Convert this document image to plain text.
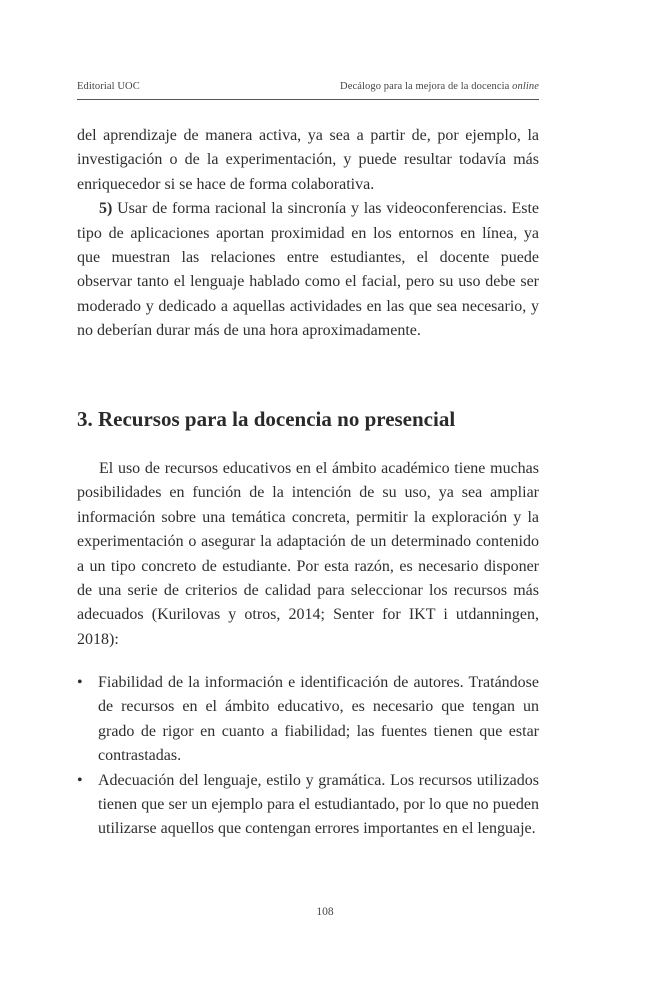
Editorial UOC	Decálogo para la mejora de la docencia online

del aprendizaje de manera activa, ya sea a partir de, por ejemplo, la investigación o de la experimentación, y puede resultar todavía más enriquecedor si se hace de forma colaborativa.

5) Usar de forma racional la sincronía y las videoconferencias. Este tipo de aplicaciones aportan proximidad en los entornos en línea, ya que muestran las relaciones entre estudiantes, el docente puede observar tanto el lenguaje hablado como el facial, pero su uso debe ser moderado y dedicado a aquellas actividades en las que sea necesario, y no deberían durar más de una hora aproximadamente.

3. Recursos para la docencia no presencial

El uso de recursos educativos en el ámbito académico tiene muchas posibilidades en función de la intención de su uso, ya sea ampliar información sobre una temática concreta, permitir la exploración y la experimentación o asegurar la adaptación de un determinado contenido a un tipo concreto de estudiante. Por esta razón, es necesario disponer de una serie de criterios de calidad para seleccionar los recursos más adecuados (Kurilovas y otros, 2014; Senter for IKT i utdanningen, 2018):

• Fiabilidad de la información e identificación de autores. Tratándose de recursos en el ámbito educativo, es necesario que tengan un grado de rigor en cuanto a fiabilidad; las fuentes tienen que estar contrastadas.
• Adecuación del lenguaje, estilo y gramática. Los recursos utilizados tienen que ser un ejemplo para el estudiantado, por lo que no pueden utilizarse aquellos que contengan errores importantes en el lenguaje.
108
